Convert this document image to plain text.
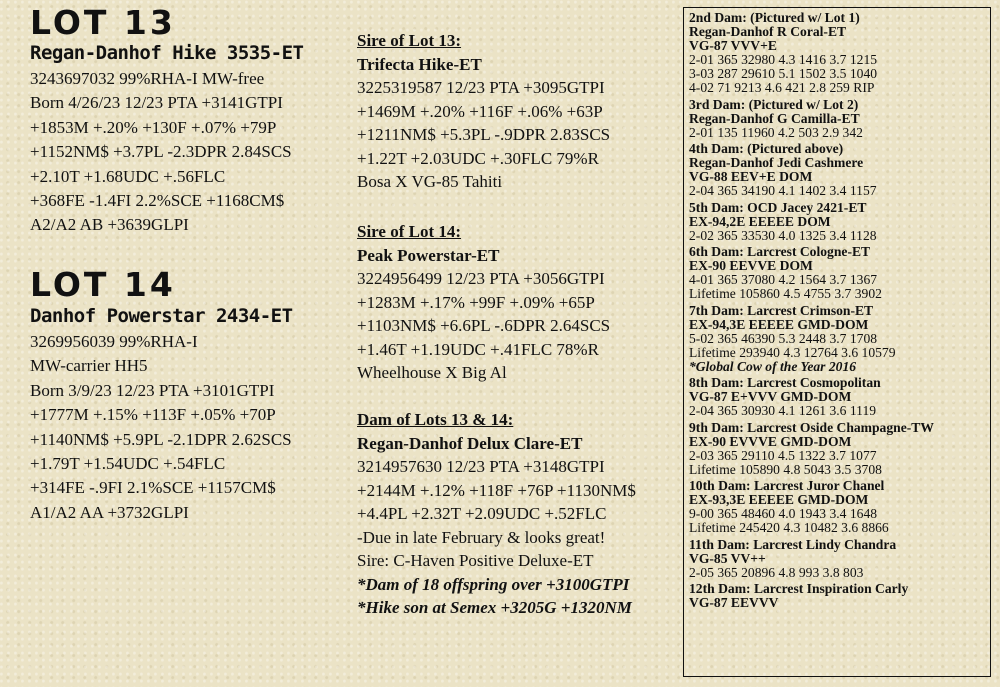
LOT 13
Regan-Danhof Hike 3535-ET

3243697032 99%RHA-I MW-free

Born 4/26/23 12/23 PTA +3141GTPI

+1853M +.20% +130F +.07% +79P

+1152NM$ +3.7PL -2.3DPR 2.84SCS

+2.10T +1.68UDC +.56FLC

+368FE -1.4FI 2.2%SCE +1168CM$

A2/A2 AB +3639GLPI

LOT 14
Danhof Powerstar 2434-ET

3269956039 99%RHA-I

MW-carrier HH5

Born 3/9/23 12/23 PTA +3101GTPI

+1777M +.15% +113F +.05% +70P

+1140NM$ +5.9PL -2.1DPR 2.62SCS

+1.79T +1.54UDC +.54FLC

+314FE -.9FI 2.1%SCE +1157CM$

A1/A2 AA +3732GLPI

Sire of Lot 13:

Trifecta Hike-ET

3225319587 12/23 PTA +3095GTPI

+1469M +.20% +116F +.06% +63P

+1211NM$ +5.3PL -.9DPR 2.83SCS

+1.22T +2.03UDC +.30FLC 79%R

Bosa X VG-85 Tahiti

Sire of Lot 14:

Peak Powerstar-ET

3224956499 12/23 PTA +3056GTPI

+1283M +.17% +99F +.09% +65P

+1103NM$ +6.6PL -.6DPR 2.64SCS

+1.46T +1.19UDC +.41FLC 78%R

Wheelhouse X Big Al

Dam of Lots 13 & 14:

Regan-Danhof Delux Clare-ET

3214957630 12/23 PTA +3148GTPI

+2144M +.12% +118F +76P +1130NM$

+4.4PL +2.32T +2.09UDC +.52FLC

-Due in late February & looks great!

Sire: C-Haven Positive Deluxe-ET

*Dam of 18 offspring over +3100GTPI

*Hike son at Semex +3205G +1320NM

2nd Dam: (Pictured w/ Lot 1)
Regan-Danhof R Coral-ET
VG-87 VVV+E
2-01 365 32980 4.3 1416 3.7 1215
3-03 287 29610 5.1 1502 3.5 1040
4-02 71 9213 4.6 421 2.8 259 RIP
3rd Dam: (Pictured w/ Lot 2)
Regan-Danhof G Camilla-ET
2-01 135 11960 4.2 503 2.9 342
4th Dam: (Pictured above)
Regan-Danhof Jedi Cashmere
VG-88 EEV+E DOM
2-04 365 34190 4.1 1402 3.4 1157
5th Dam: OCD Jacey 2421-ET
EX-94,2E EEEEE DOM
2-02 365 33530 4.0 1325 3.4 1128
6th Dam: Larcrest Cologne-ET
EX-90 EEVVE DOM
4-01 365 37080 4.2 1564 3.7 1367
Lifetime 105860 4.5 4755 3.7 3902
7th Dam: Larcrest Crimson-ET
EX-94,3E EEEEE GMD-DOM
5-02 365 46390 5.3 2448 3.7 1708
Lifetime 293940 4.3 12764 3.6 10579
*Global Cow of the Year 2016
8th Dam: Larcrest Cosmopolitan
VG-87 E+VVV GMD-DOM
2-04 365 30930 4.1 1261 3.6 1119
9th Dam: Larcrest Oside Champagne-TW
EX-90 EVVVE GMD-DOM
2-03 365 29110 4.5 1322 3.7 1077
Lifetime 105890 4.8 5043 3.5 3708
10th Dam: Larcrest Juror Chanel
EX-93,3E EEEEE GMD-DOM
9-00 365 48460 4.0 1943 3.4 1648
Lifetime 245420 4.3 10482 3.6 8866
11th Dam: Larcrest Lindy Chandra
VG-85 VV++
2-05 365 20896 4.8 993 3.8 803
12th Dam: Larcrest Inspiration Carly
VG-87 EEVVV
